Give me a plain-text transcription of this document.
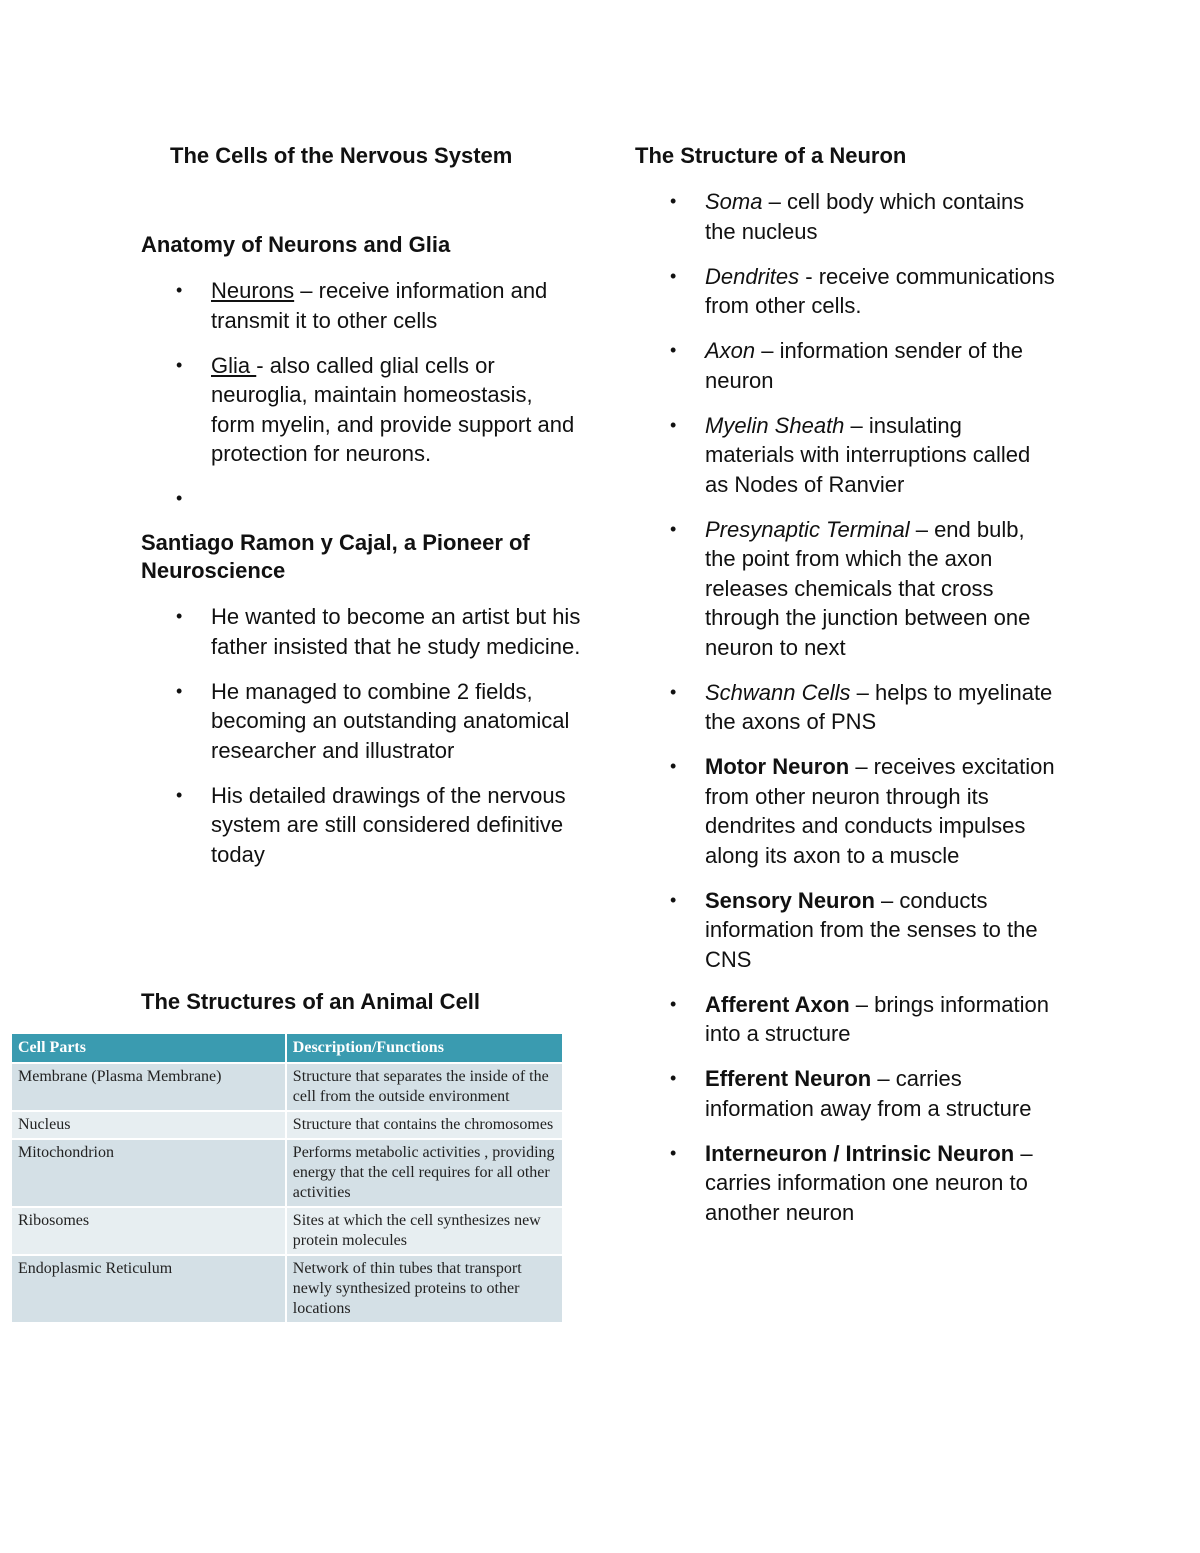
The Cells of the Nervous System
Anatomy of Neurons and Glia
• Neurons – receive information and transmit it to other cells
• Glia - also called glial cells or neuroglia, maintain homeostasis, form myelin, and provide support and protection for neurons.
•

Santiago Ramon y Cajal, a Pioneer of Neuroscience
• He wanted to become an artist but his father insisted that he study medicine.
• He managed to combine 2 fields, becoming an outstanding anatomical researcher and illustrator
• His detailed drawings of the nervous system are still considered definitive today
The Structures of an Animal Cell
Cell Parts	Description/Functions
Membrane (Plasma Membrane)	Structure that separates the inside of the cell from the outside environment
Nucleus	Structure that contains the chromosomes
Mitochondrion	Performs metabolic activities , providing energy that the cell requires for all other activities
Ribosomes	Sites at which the cell synthesizes new protein molecules
Endoplasmic Reticulum	Network of thin tubes that transport newly synthesized proteins to other locations
The Structure of a Neuron
• Soma – cell body which contains the nucleus
• Dendrites - receive communications from other cells.
• Axon – information sender of the neuron
• Myelin Sheath – insulating materials with interruptions called as Nodes of Ranvier
• Presynaptic Terminal – end bulb, the point from which the axon releases chemicals that cross through the junction between one neuron to next
• Schwann Cells – helps to myelinate the axons of PNS
• Motor Neuron – receives excitation from other neuron through its dendrites and conducts impulses along its axon to a muscle
• Sensory Neuron – conducts information from the senses to the CNS
• Afferent Axon – brings information into a structure
• Efferent Neuron – carries information away from a structure
• Interneuron / Intrinsic Neuron – carries information one neuron to another neuron
